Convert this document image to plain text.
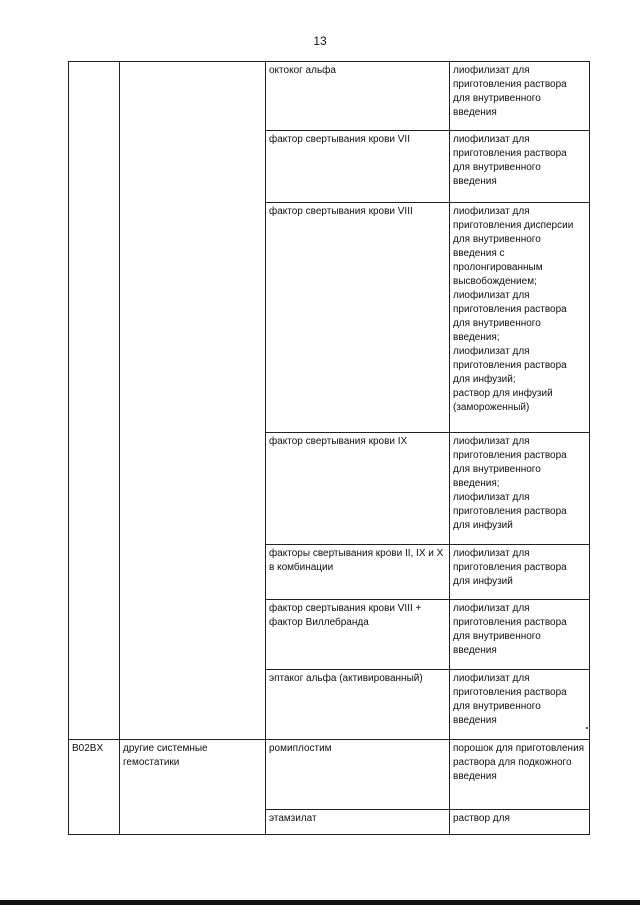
13
		октоког альфа	лиофилизат для приготовления раствора для внутривенного введения

		фактор свертывания крови VII	лиофилизат для приготовления раствора для внутривенного введения

		фактор свертывания крови VIII	лиофилизат для приготовления дисперсии для внутривенного введения с пролонгированным высвобождением;
лиофилизат для приготовления раствора для внутривенного введения;
лиофилизат для приготовления раствора для инфузий;
раствор для инфузий (замороженный)

		фактор свертывания крови IX	лиофилизат для приготовления раствора для внутривенного введения;
лиофилизат для приготовления раствора для инфузий

		факторы свертывания крови II, IX и X в комбинации	лиофилизат для приготовления раствора для инфузий

		фактор свертывания крови VIII + фактор Виллебранда	лиофилизат для приготовления раствора для внутривенного введения

		эптаког альфа (активированный)	лиофилизат для приготовления раствора для внутривенного введения

B02BX	другие системные гемостатики	ромиплостим	порошок для приготовления раствора для подкожного введения

		этамзилат	раствор для
